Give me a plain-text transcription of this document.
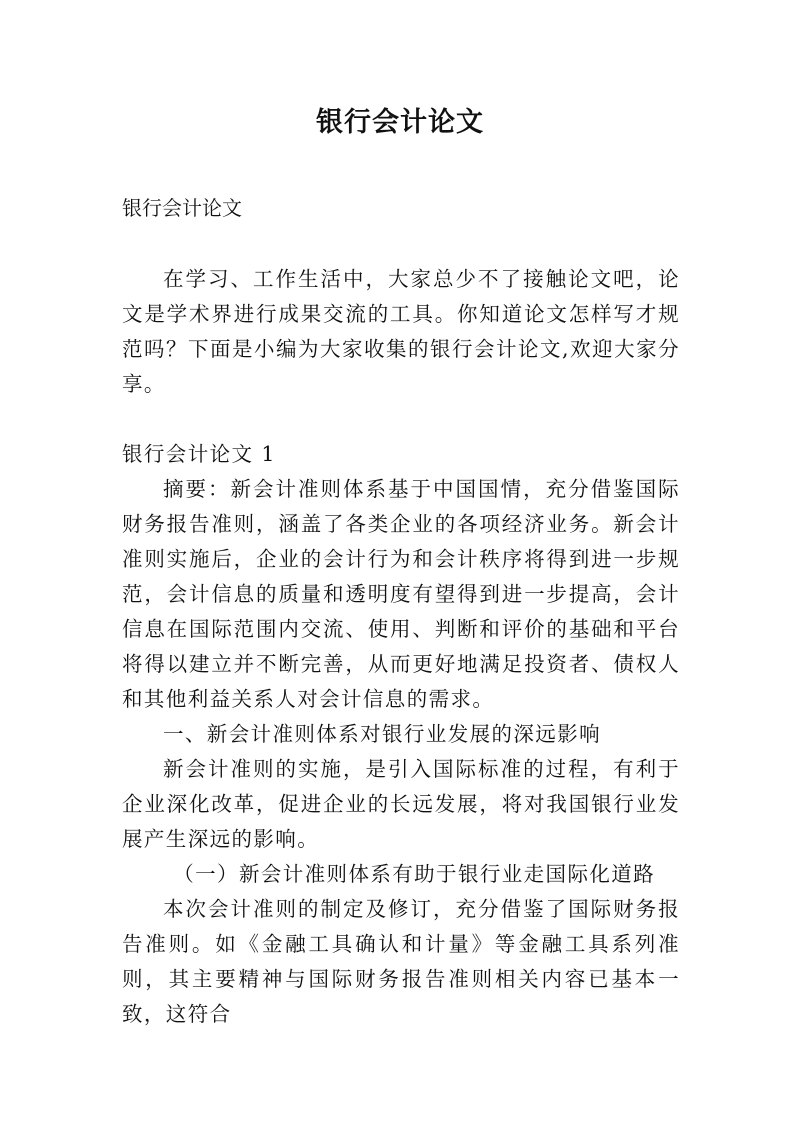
银行会计论文
银行会计论文

在学习、工作生活中，大家总少不了接触论文吧，论文是学术界进行成果交流的工具。你知道论文怎样写才规范吗？下面是小编为大家收集的银行会计论文,欢迎大家分享。

银行会计论文 1

摘要：新会计准则体系基于中国国情，充分借鉴国际财务报告准则，涵盖了各类企业的各项经济业务。新会计准则实施后，企业的会计行为和会计秩序将得到进一步规范，会计信息的质量和透明度有望得到进一步提高，会计信息在国际范围内交流、使用、判断和评价的基础和平台将得以建立并不断完善，从而更好地满足投资者、债权人和其他利益关系人对会计信息的需求。

一、新会计准则体系对银行业发展的深远影响

新会计准则的实施，是引入国际标准的过程，有利于企业深化改革，促进企业的长远发展，将对我国银行业发展产生深远的影响。

（一）新会计准则体系有助于银行业走国际化道路

本次会计准则的制定及修订，充分借鉴了国际财务报告准则。如《金融工具确认和计量》等金融工具系列准则，其主要精神与国际财务报告准则相关内容已基本一致，这符合
